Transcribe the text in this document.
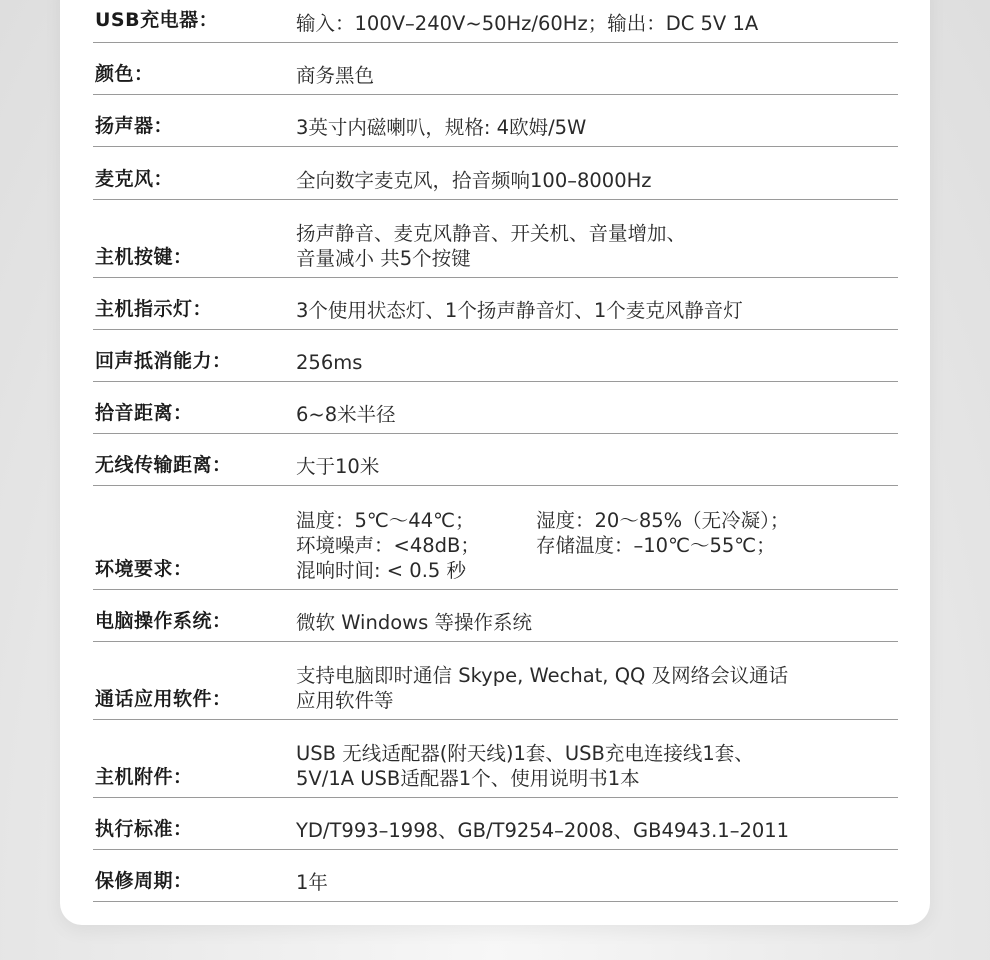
USB充电器：	输入：100V–240V~50Hz/60Hz；输出：DC 5V 1A
颜色：	商务黑色
扬声器：	3英寸内磁喇叭，规格: 4欧姆/5W
麦克风：	全向数字麦克风，拾音频响100–8000Hz
主机按键：
扬声静音、麦克风静音、开关机、音量增加、
音量减小 共5个按键
主机指示灯：	3个使用状态灯、1个扬声静音灯、1个麦克风静音灯
回声抵消能力：	256ms
拾音距离：	6~8米半径
无线传输距离：	大于10米
环境要求：
温度：5℃～44℃；	湿度：20～85%（无冷凝）；
环境噪声：<48dB；	存储温度：–10℃～55℃；
混响时间: < 0.5 秒
电脑操作系统：	微软 Windows 等操作系统
通话应用软件：
支持电脑即时通信 Skype, Wechat, QQ 及网络会议通话
应用软件等
主机附件：
USB 无线适配器(附天线)1套、USB充电连接线1套、
5V/1A USB适配器1个、使用说明书1本
执行标准：	YD/T993–1998、GB/T9254–2008、GB4943.1–2011
保修周期：	1年
